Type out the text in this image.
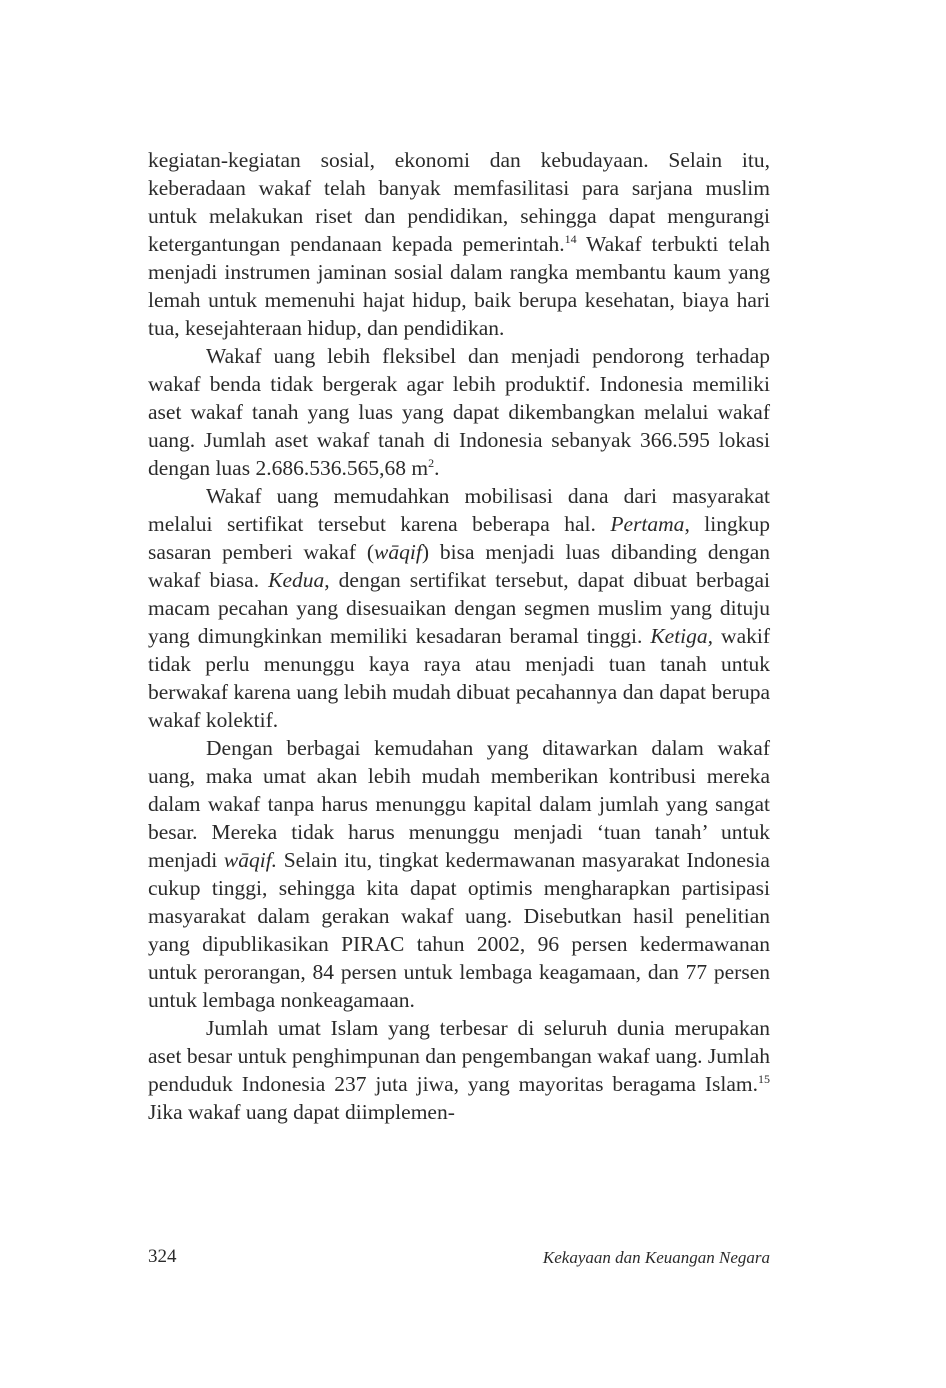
kegiatan-kegiatan sosial, ekonomi dan kebudayaan. Selain itu, keberadaan wakaf telah banyak memfasilitasi para sarjana muslim untuk melakukan riset dan pendidikan, sehingga dapat mengurangi ketergantungan pendanaan kepada pemerintah.$^{14}$ Wakaf terbukti telah menjadi instrumen jaminan sosial dalam rangka membantu kaum yang lemah untuk memenuhi hajat hidup, baik berupa kesehatan, biaya hari tua, kesejahteraan hidup, dan pendidikan.

Wakaf uang lebih fleksibel dan menjadi pendorong terhadap wakaf benda tidak bergerak agar lebih produktif. Indonesia memiliki aset wakaf tanah yang luas yang dapat dikembangkan melalui wakaf uang. Jumlah aset wakaf tanah di Indonesia sebanyak 366.595 lokasi dengan luas 2.686.536.565,68 $m^2$.

Wakaf uang memudahkan mobilisasi dana dari masyarakat melalui sertifikat tersebut karena beberapa hal. Pertama, lingkup sasaran pemberi wakaf (wāqif) bisa menjadi luas dibanding dengan wakaf biasa. Kedua, dengan sertifikat tersebut, dapat dibuat berbagai macam pecahan yang disesuaikan dengan segmen muslim yang dituju yang dimungkinkan memiliki kesadaran beramal tinggi. Ketiga, wakif tidak perlu menunggu kaya raya atau menjadi tuan tanah untuk berwakaf karena uang lebih mudah dibuat pecahannya dan dapat berupa wakaf kolektif.

Dengan berbagai kemudahan yang ditawarkan dalam wakaf uang, maka umat akan lebih mudah memberikan kontribusi mereka dalam wakaf tanpa harus menunggu kapital dalam jumlah yang sangat besar. Mereka tidak harus menunggu menjadi ‘tuan tanah’ untuk menjadi wāqif. Selain itu, tingkat kedermawanan masyarakat Indonesia cukup tinggi, sehingga kita dapat optimis mengharapkan partisipasi masyarakat dalam gerakan wakaf uang. Disebutkan hasil penelitian yang dipublikasikan PIRAC tahun 2002, 96 persen kedermawanan untuk perorangan, 84 persen untuk lembaga keagamaan, dan 77 persen untuk lembaga nonkeagamaan.

Jumlah umat Islam yang terbesar di seluruh dunia merupakan aset besar untuk penghimpunan dan pengembangan wakaf uang. Jumlah penduduk Indonesia 237 juta jiwa, yang mayoritas beragama Islam.$^{15}$ Jika wakaf uang dapat diimplemen-

324	Kekayaan dan Keuangan Negara
